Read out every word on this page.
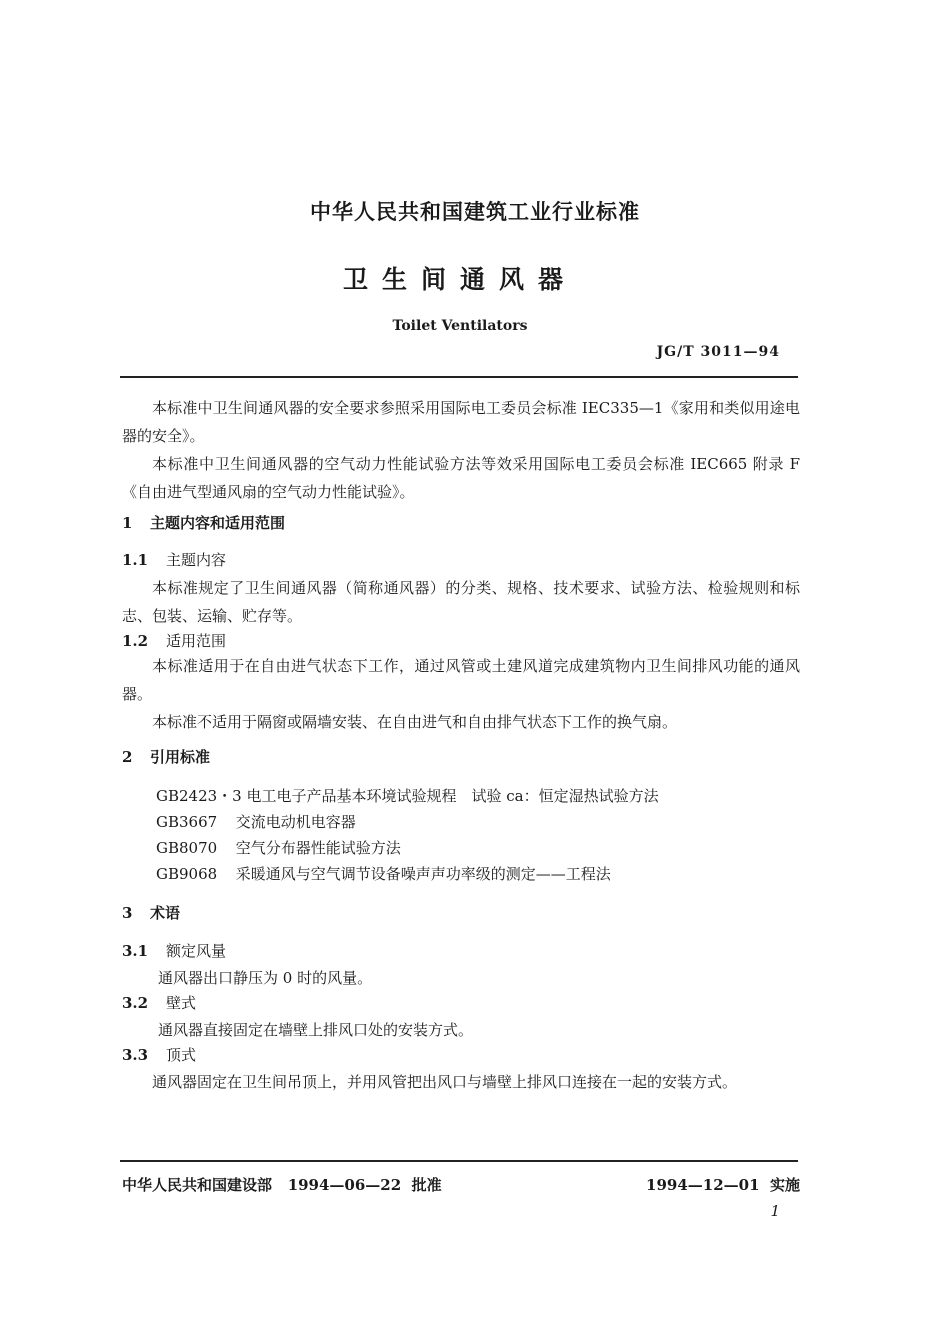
中华人民共和国建筑工业行业标准
卫生间通风器
Toilet Ventilators
JG/T 3011—94

本标准中卫生间通风器的安全要求参照采用国际电工委员会标准 IEC335—1《家用和类似用途电器的安全》。

本标准中卫生间通风器的空气动力性能试验方法等效采用国际电工委员会标准 IEC665 附录 F《自由进气型通风扇的空气动力性能试验》。

1 主题内容和适用范围
1.1 主题内容

本标准规定了卫生间通风器（简称通风器）的分类、规格、技术要求、试验方法、检验规则和标志、包装、运输、贮存等。

1.2 适用范围

本标准适用于在自由进气状态下工作，通过风管或土建风道完成建筑物内卫生间排风功能的通风器。

本标准不适用于隔窗或隔墙安装、在自由进气和自由排气状态下工作的换气扇。

2 引用标准
GB2423・3 电工电子产品基本环境试验规程　试验 ca：恒定湿热试验方法
GB3667 交流电动机电容器
GB8070 空气分布器性能试验方法
GB9068 采暖通风与空气调节设备噪声声功率级的测定——工程法
3 术语
3.1 额定风量

通风器出口静压为 0 时的风量。

3.2 壁式

通风器直接固定在墙壁上排风口处的安装方式。

3.3 顶式

通风器固定在卫生间吊顶上，并用风管把出风口与墙壁上排风口连接在一起的安装方式。

中华人民共和国建设部 1994—06—22 批准	1994—12—01 实施
1
